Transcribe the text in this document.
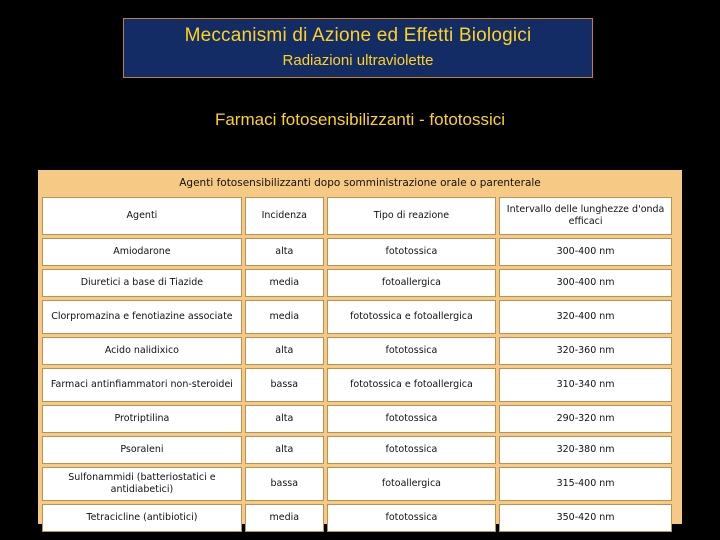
Meccanismi di Azione ed Effetti Biologici
Radiazioni ultraviolette
Farmaci fotosensibilizzanti - fototossici
Agenti fotosensibilizzanti dopo somministrazione orale o parenterale
Agenti	Incidenza	Tipo di reazione	Intervallo delle lunghezze d'onda efficaci
Amiodarone	alta	fototossica	300-400 nm
Diuretici a base di Tiazide	media	fotoallergica	300-400 nm
Clorpromazina e fenotiazine associate	media	fototossica e fotoallergica	320-400 nm
Acido nalidixico	alta	fototossica	320-360 nm
Farmaci antinfiammatori non-steroidei	bassa	fototossica e fotoallergica	310-340 nm
Protriptilina	alta	fototossica	290-320 nm
Psoraleni	alta	fototossica	320-380 nm
Sulfonammidi (batteriostatici e antidiabetici)	bassa	fotoallergica	315-400 nm
Tetracicline (antibiotici)	media	fototossica	350-420 nm
